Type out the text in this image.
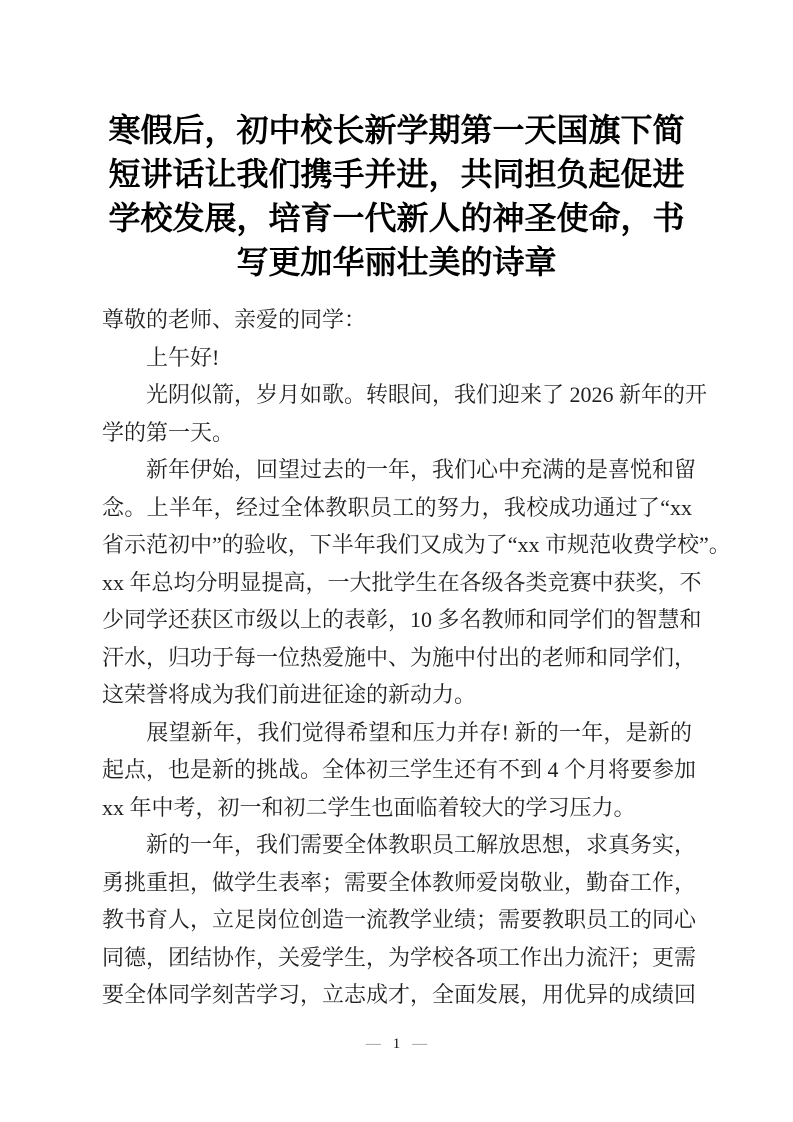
寒假后，初中校长新学期第一天国旗下简
短讲话让我们携手并进，共同担负起促进
学校发展，培育一代新人的神圣使命，书
写更加华丽壮美的诗章
尊敬的老师、亲爱的同学：
　　上午好!
　　光阴似箭，岁月如歌。转眼间，我们迎来了 2026 新年的开
学的第一天。
　　新年伊始，回望过去的一年，我们心中充满的是喜悦和留
念。上半年，经过全体教职员工的努力，我校成功通过了“xx
省示范初中”的验收，下半年我们又成为了“xx 市规范收费学校”。
xx 年总均分明显提高，一大批学生在各级各类竞赛中获奖，不
少同学还获区市级以上的表彰，10 多名教师和同学们的智慧和
汗水，归功于每一位热爱施中、为施中付出的老师和同学们，
这荣誉将成为我们前进征途的新动力。
　　展望新年，我们觉得希望和压力并存! 新的一年，是新的
起点，也是新的挑战。全体初三学生还有不到 4 个月将要参加
xx 年中考，初一和初二学生也面临着较大的学习压力。
　　新的一年，我们需要全体教职员工解放思想，求真务实，
勇挑重担，做学生表率；需要全体教师爱岗敬业，勤奋工作，
教书育人，立足岗位创造一流教学业绩；需要教职员工的同心
同德，团结协作，关爱学生，为学校各项工作出力流汗；更需
要全体同学刻苦学习，立志成才，全面发展，用优异的成绩回
— 1 —
